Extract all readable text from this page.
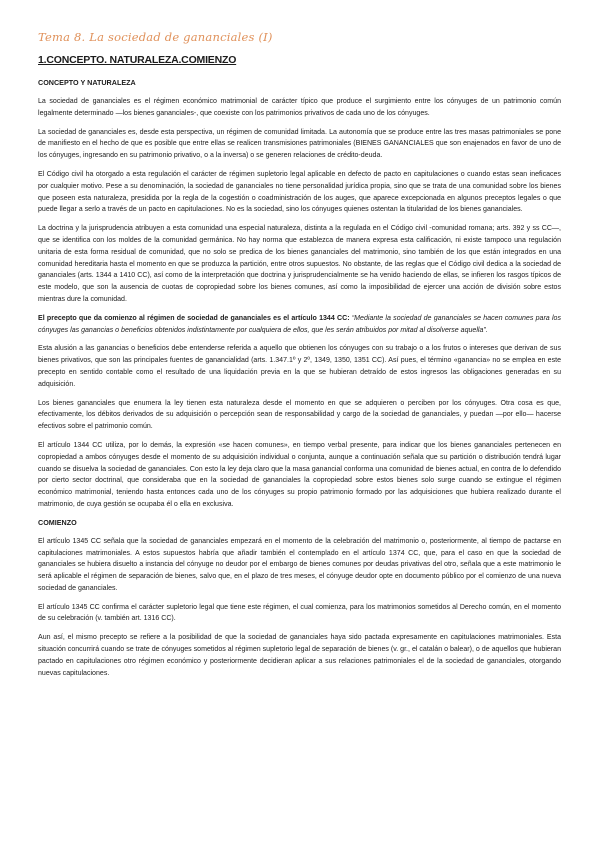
Tema 8. La sociedad de gananciales (I)
1.CONCEPTO. NATURALEZA.COMIENZO
CONCEPTO Y NATURALEZA

La sociedad de gananciales es el régimen económico matrimonial de carácter típico que produce el surgimiento entre los cónyuges de un patrimonio común legalmente determinado —los bienes gananciales-, que coexiste con los patrimonios privativos de cada uno de los cónyuges.

La sociedad de gananciales es, desde esta perspectiva, un régimen de comunidad limitada. La autonomía que se produce entre las tres masas patrimoniales se pone de manifiesto en el hecho de que es posible que entre ellas se realicen transmisiones patrimoniales (BIENES GANANCIALES que son enajenados en favor de uno de los cónyuges, ingresando en su patrimonio privativo, o a la inversa) o se generen relaciones de crédito-deuda.

El Código civil ha otorgado a esta regulación el carácter de régimen supletorio legal aplicable en defecto de pacto en capitulaciones o cuando estas sean ineficaces por cualquier motivo. Pese a su denominación, la sociedad de gananciales no tiene personalidad jurídica propia, sino que se trata de una comunidad sobre los bienes que poseen esta naturaleza, presidida por la regla de la cogestión o coadministración de los auges, que aparece excepcionada en algunos preceptos legales o que puede llegar a serlo a través de un pacto en capitulaciones. No es la sociedad, sino los cónyuges quienes ostentan la titularidad de los bienes gananciales.

La doctrina y la jurisprudencia atribuyen a esta comunidad una especial naturaleza, distinta a la regulada en el Código civil -comunidad romana; arts. 392 y ss CC—, que se identifica con los moldes de la comunidad germánica. No hay norma que establezca de manera expresa esta calificación, ni existe tampoco una regulación unitaria de esta forma residual de comunidad, que no solo se predica de los bienes gananciales del matrimonio, sino también de los que están integrados en una comunidad hereditaria hasta el momento en que se produzca la partición, entre otros supuestos. No obstante, de las reglas que el Código civil dedica a la sociedad de gananciales (arts. 1344 a 1410 CC), así como de la interpretación que doctrina y jurisprudencialmente se ha venido haciendo de ellas, se infieren los rasgos típicos de este modelo, que son la ausencia de cuotas de copropiedad sobre los bienes comunes, así como la imposibilidad de ejercer una acción de división sobre estos mientras dure la comunidad.

El precepto que da comienzo al régimen de sociedad de gananciales es el artículo 1344 CC: “Mediante la sociedad de gananciales se hacen comunes para los cónyuges las ganancias o beneficios obtenidos indistintamente por cualquiera de ellos, que les serán atribuidos por mitad al disolverse aquella”.

Esta alusión a las ganancias o beneficios debe entenderse referida a aquello que obtienen los cónyuges con su trabajo o a los frutos o intereses que derivan de sus bienes privativos, que son las principales fuentes de ganancialidad (arts. 1.347.1º y 2º, 1349, 1350, 1351 CC). Así pues, el término «ganancia» no se emplea en este precepto en sentido contable como el resultado de una liquidación previa en la que se hubieran detraído de estos ingresos las obligaciones generadas en su adquisición.

Los bienes gananciales que enumera la ley tienen esta naturaleza desde el momento en que se adquieren o perciben por los cónyuges. Otra cosa es que, efectivamente, los débitos derivados de su adquisición o percepción sean de responsabilidad y cargo de la sociedad de gananciales, y puedan —por ello— hacerse efectivos sobre el patrimonio común.

El artículo 1344 CC utiliza, por lo demás, la expresión «se hacen comunes», en tiempo verbal presente, para indicar que los bienes gananciales pertenecen en copropiedad a ambos cónyuges desde el momento de su adquisición individual o conjunta, aunque a continuación señala que su partición o distribución tendrá lugar cuando se disuelva la sociedad de gananciales. Con esto la ley deja claro que la masa ganancial conforma una comunidad de bienes actual, en contra de lo defendido por cierto sector doctrinal, que consideraba que en la sociedad de gananciales la copropiedad sobre estos bienes solo surge cuando se extingue el régimen económico matrimonial, teniendo hasta entonces cada uno de los cónyuges su propio patrimonio formado por las adquisiciones que hubiera realizado durante el matrimonio, de cuya gestión se ocupaba él o ella en exclusiva.

COMIENZO

El artículo 1345 CC señala que la sociedad de gananciales empezará en el momento de la celebración del matrimonio o, posteriormente, al tiempo de pactarse en capitulaciones matrimoniales. A estos supuestos habría que añadir también el contemplado en el artículo 1374 CC, que, para el caso en que la sociedad de gananciales se hubiera disuelto a instancia del cónyuge no deudor por el embargo de bienes comunes por deudas privativas del otro, señala que a este matrimonio le será aplicable el régimen de separación de bienes, salvo que, en el plazo de tres meses, el cónyuge deudor opte en documento público por el comienzo de una nueva sociedad de gananciales.

El artículo 1345 CC confirma el carácter supletorio legal que tiene este régimen, el cual comienza, para los matrimonios sometidos al Derecho común, en el momento de su celebración (v. también art. 1316 CC).

Aun así, el mismo precepto se refiere a la posibilidad de que la sociedad de gananciales haya sido pactada expresamente en capitulaciones matrimoniales. Esta situación concurrirá cuando se trate de cónyuges sometidos al régimen supletorio legal de separación de bienes (v. gr., el catalán o balear), o de aquellos que hubieran pactado en capitulaciones otro régimen económico y posteriormente decidieran aplicar a sus relaciones patrimoniales el de la sociedad de gananciales, otorgando nuevas capitulaciones.
